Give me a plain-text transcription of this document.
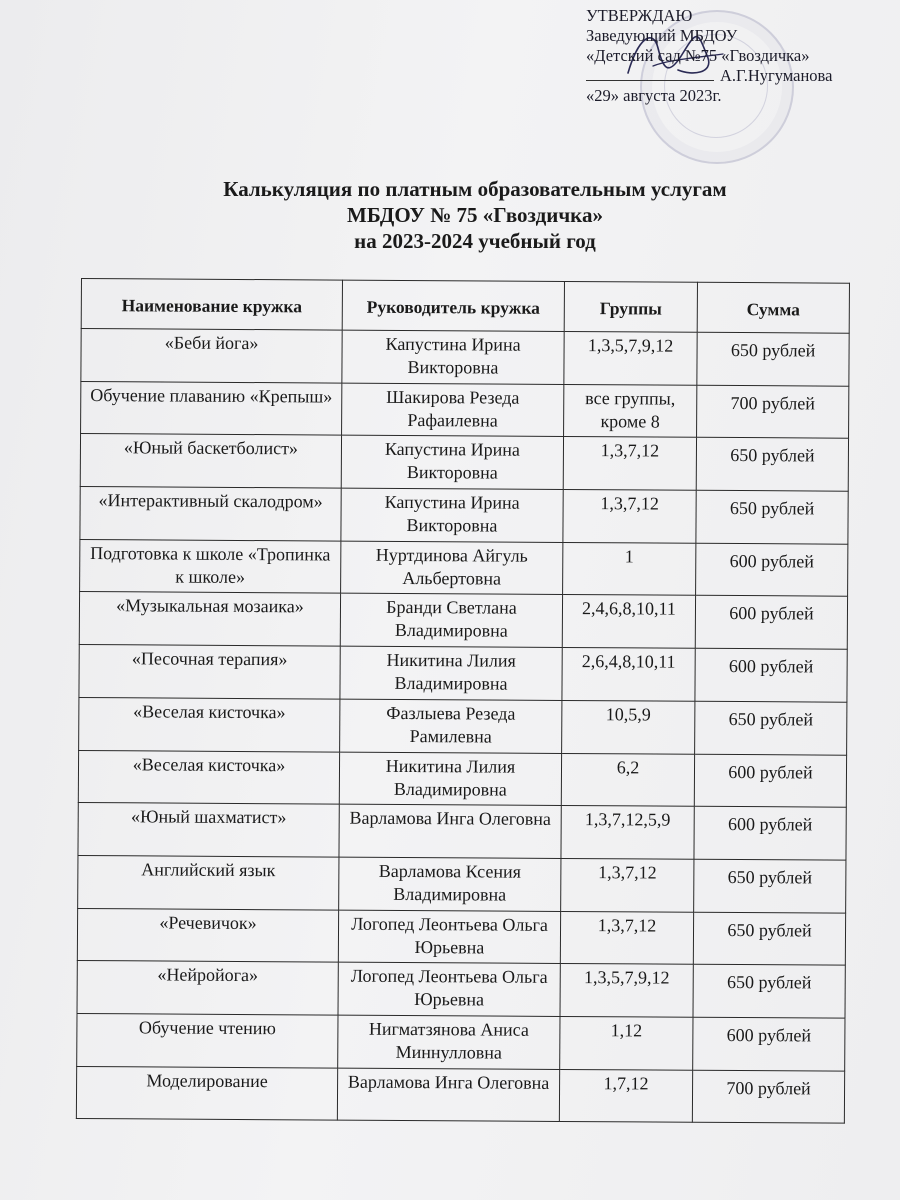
УТВЕРЖДАЮ
Заведующий МБДОУ
«Детский сад №75 «Гвоздичка»
А.Г.Нугуманова
«29» августа 2023г.
Калькуляция по платным образовательным услугам
МБДОУ № 75 «Гвоздичка»
на 2023-2024 учебный год
Наименование кружка	Руководитель кружка	Группы	Сумма
«Беби йога»	Капустина Ирина Викторовна	1,3,5,7,9,12	650 рублей
Обучение плаванию «Крепыш»	Шакирова Резеда Рафаилевна	все группы, кроме 8	700 рублей
«Юный баскетболист»	Капустина Ирина Викторовна	1,3,7,12	650 рублей
«Интерактивный скалодром»	Капустина Ирина Викторовна	1,3,7,12	650 рублей
Подготовка к школе «Тропинка к школе»	Нуртдинова Айгуль Альбертовна	1	600 рублей
«Музыкальная мозаика»	Бранди Светлана Владимировна	2,4,6,8,10,11	600 рублей
«Песочная терапия»	Никитина Лилия Владимировна	2,6,4,8,10,11	600 рублей
«Веселая кисточка»	Фазлыева Резеда Рамилевна	10,5,9	650 рублей
«Веселая кисточка»	Никитина Лилия Владимировна	6,2	600 рублей
«Юный шахматист»	Варламова Инга Олеговна	1,3,7,12,5,9	600 рублей
Английский язык	Варламова Ксения Владимировна	1,3,7,12	650 рублей
«Речевичок»	Логопед Леонтьева Ольга Юрьевна	1,3,7,12	650 рублей
«Нейройога»	Логопед Леонтьева Ольга Юрьевна	1,3,5,7,9,12	650 рублей
Обучение чтению	Нигматзянова Аниса Миннулловна	1,12	600 рублей
Моделирование	Варламова Инга Олеговна	1,7,12	700 рублей
